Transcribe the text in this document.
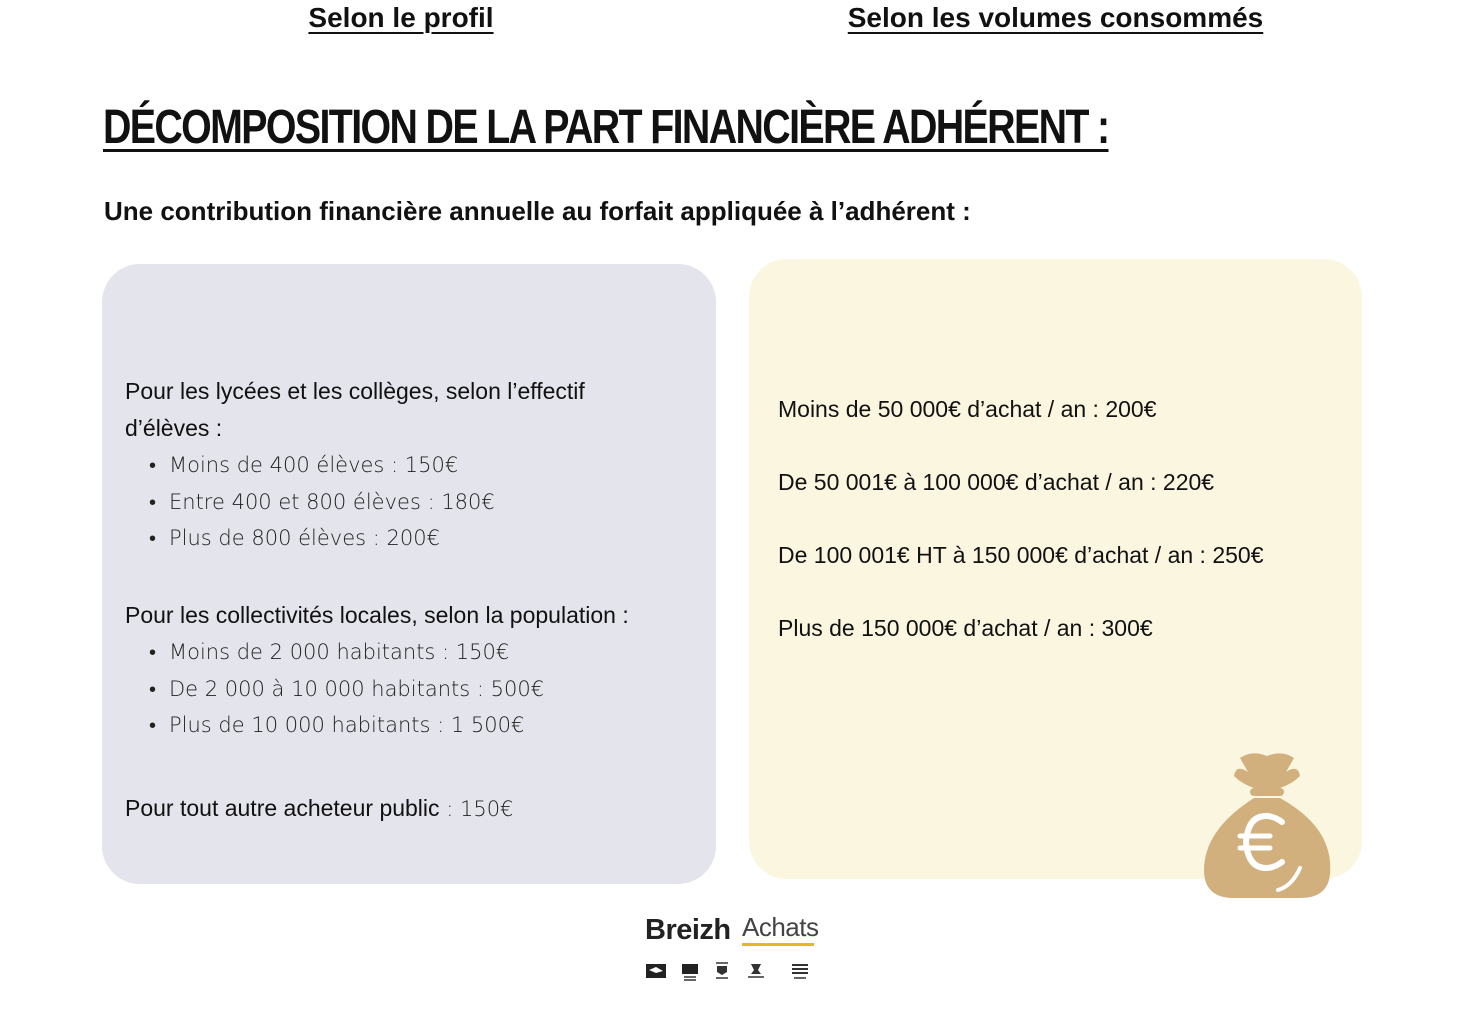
DÉCOMPOSITION DE LA PART FINANCIÈRE ADHÉRENT :

Une contribution financière annuelle au forfait appliquée à l’adhérent :

Selon le profil

Pour les lycées et les collèges, selon l’effectif

d’élèves :

• Moins de 400 élèves : 150€
• Entre 400 et 800 élèves : 180€
• Plus de 800 élèves : 200€

Pour les collectivités locales, selon la population :

• Moins de 2 000 habitants : 150€
• De 2 000 à 10 000 habitants : 500€
• Plus de 10 000 habitants : 1 500€

Pour tout autre acheteur public : 150€

Selon les volumes consommés

Moins de 50 000€ d’achat / an : 200€

De 50 001€ à 100 000€ d’achat / an : 220€

De 100 001€ HT à 150 000€ d’achat / an : 250€

Plus de 150 000€ d’achat / an : 300€

Breizh Achats
